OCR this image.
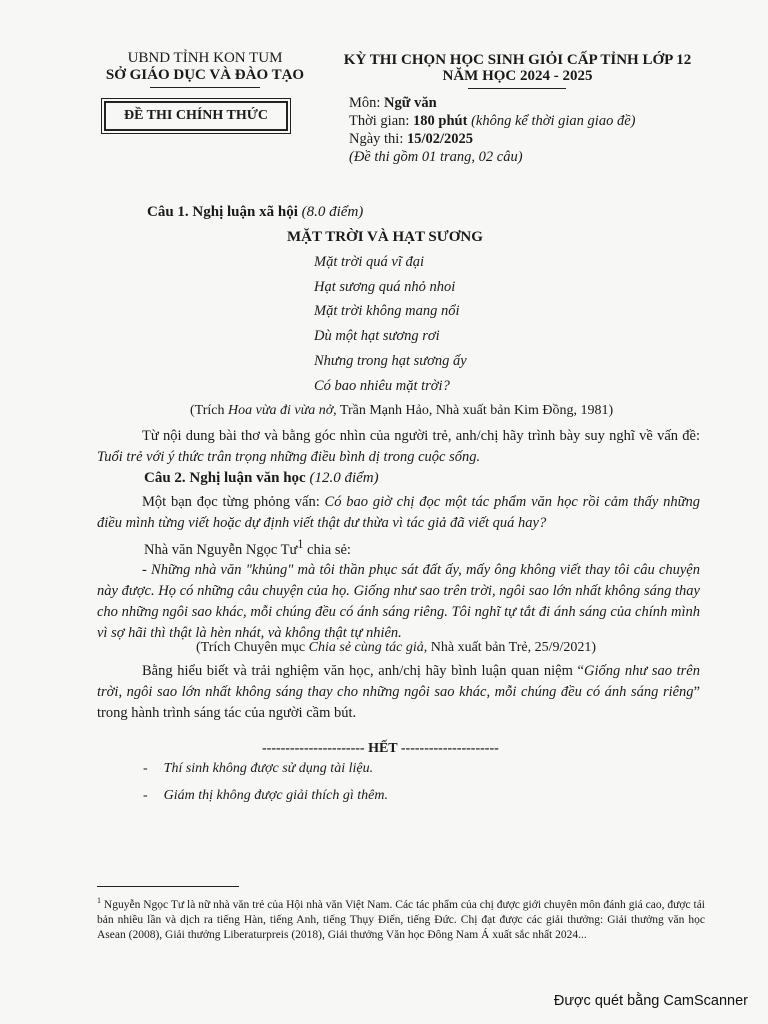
UBND TỈNH KON TUM
SỞ GIÁO DỤC VÀ ĐÀO TẠO
ĐỀ THI CHÍNH THỨC
KỲ THI CHỌN HỌC SINH GIỎI CẤP TỈNH LỚP 12
NĂM HỌC 2024 - 2025
Môn: Ngữ văn
Thời gian: 180 phút (không kể thời gian giao đề)
Ngày thi: 15/02/2025
(Đề thi gồm 01 trang, 02 câu)
Câu 1. Nghị luận xã hội (8.0 điểm)
MẶT TRỜI VÀ HẠT SƯƠNG
Mặt trời quá vĩ đại
Hạt sương quá nhỏ nhoi
Mặt trời không mang nổi
Dù một hạt sương rơi
Nhưng trong hạt sương ấy
Có bao nhiêu mặt trời?
(Trích Hoa vừa đi vừa nở, Trần Mạnh Hảo, Nhà xuất bản Kim Đồng, 1981)
Từ nội dung bài thơ và bằng góc nhìn của người trẻ, anh/chị hãy trình bày suy nghĩ về vấn đề: Tuổi trẻ với ý thức trân trọng những điều bình dị trong cuộc sống.
Câu 2. Nghị luận văn học (12.0 điểm)
Một bạn đọc từng phỏng vấn: Có bao giờ chị đọc một tác phẩm văn học rồi cảm thấy những điều mình từng viết hoặc dự định viết thật dư thừa vì tác giả đã viết quá hay?
Nhà văn Nguyễn Ngọc $Tư^1$ chia sẻ:
- Những nhà văn "khủng" mà tôi thần phục sát đất ấy, mấy ông không viết thay tôi câu chuyện này được. Họ có những câu chuyện của họ. Giống như sao trên trời, ngôi sao lớn nhất không sáng thay cho những ngôi sao khác, mỗi chúng đều có ánh sáng riêng. Tôi nghĩ tự tắt đi ánh sáng của chính mình vì sợ hãi thì thật là hèn nhát, và không thật tự nhiên.
(Trích Chuyên mục Chia sẻ cùng tác giả, Nhà xuất bản Trẻ, 25/9/2021)
Bằng hiểu biết và trải nghiệm văn học, anh/chị hãy bình luận quan niệm “Giống như sao trên trời, ngôi sao lớn nhất không sáng thay cho những ngôi sao khác, mỗi chúng đều có ánh sáng riêng” trong hành trình sáng tác của người cầm bút.
---------------------- HẾT ---------------------
- Thí sinh không được sử dụng tài liệu.
- Giám thị không được giải thích gì thêm.
$^1$ Nguyễn Ngọc Tư là nữ nhà văn trẻ của Hội nhà văn Việt Nam. Các tác phẩm của chị được giới chuyên môn đánh giá cao, được tái bản nhiều lần và dịch ra tiếng Hàn, tiếng Anh, tiếng Thụy Điển, tiếng Đức. Chị đạt được các giải thưởng: Giải thưởng văn học Asean (2008), Giải thưởng Liberaturpreis (2018), Giải thưởng Văn học Đông Nam Á xuất sắc nhất 2024...
Được quét bằng CamScanner
